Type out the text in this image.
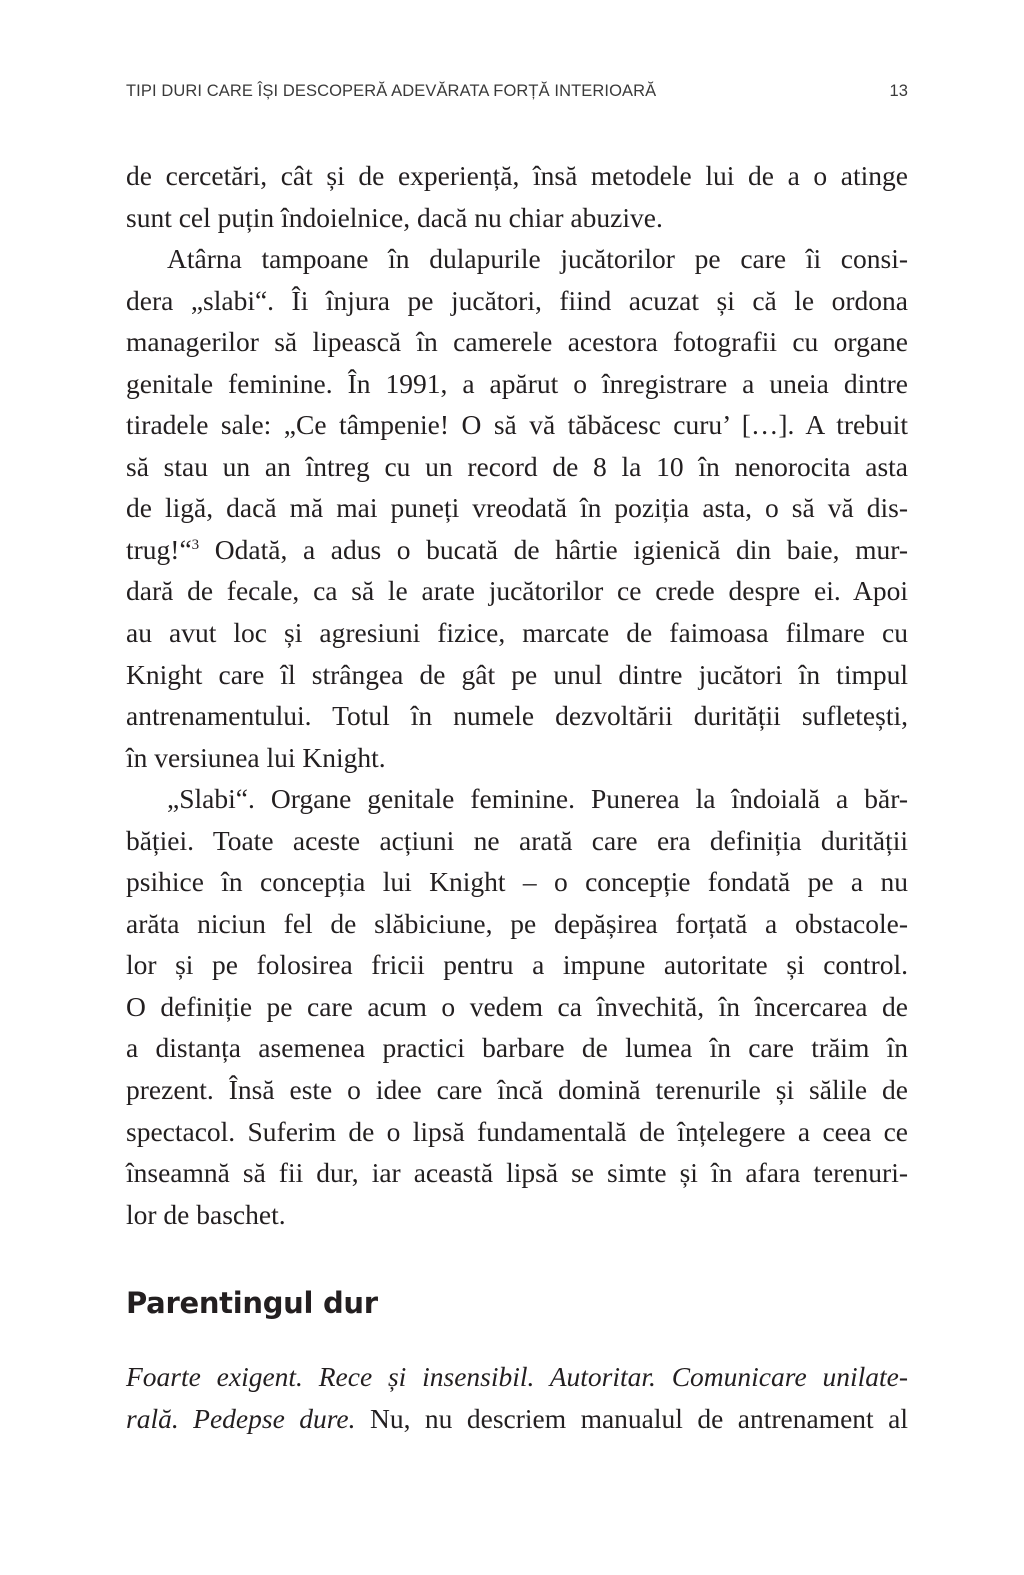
TIPI DURI CARE ÎȘI DESCOPERĂ ADEVĂRATA FORȚĂ INTERIOARĂ	13
de cercetări, cât și de experiență, însă metodele lui de a o atinge
sunt cel puțin îndoielnice, dacă nu chiar abuzive.
Atârna tampoane în dulapurile jucătorilor pe care îi consi-
dera „slabi“. Îi înjura pe jucători, fiind acuzat și că le ordona
managerilor să lipească în camerele acestora fotografii cu organe
genitale feminine. În 1991, a apărut o înregistrare a uneia dintre
tiradele sale: „Ce tâmpenie! O să vă tăbăcesc curu’ […]. A trebuit
să stau un an întreg cu un record de 8 la 10 în nenorocita asta
de ligă, dacă mă mai puneți vreodată în poziția asta, o să vă dis-
trug!“$^3$ Odată, a adus o bucată de hârtie igienică din baie, mur-
dară de fecale, ca să le arate jucătorilor ce crede despre ei. Apoi
au avut loc și agresiuni fizice, marcate de faimoasa filmare cu
Knight care îl strângea de gât pe unul dintre jucători în timpul
antrenamentului. Totul în numele dezvoltării durității sufletești,
în versiunea lui Knight.
„Slabi“. Organe genitale feminine. Punerea la îndoială a băr-
băției. Toate aceste acțiuni ne arată care era definiția durității
psihice în concepția lui Knight – o concepție fondată pe a nu
arăta niciun fel de slăbiciune, pe depășirea forțată a obstacole-
lor și pe folosirea fricii pentru a impune autoritate și control.
O definiție pe care acum o vedem ca învechită, în încercarea de
a distanța asemenea practici barbare de lumea în care trăim în
prezent. Însă este o idee care încă domină terenurile și sălile de
spectacol. Suferim de o lipsă fundamentală de înțelegere a ceea ce
înseamnă să fii dur, iar această lipsă se simte și în afara terenuri-
lor de baschet.
Parentingul dur
Foarte exigent. Rece și insensibil. Autoritar. Comunicare unilate-
rală. Pedepse dure. Nu, nu descriem manualul de antrenament al
